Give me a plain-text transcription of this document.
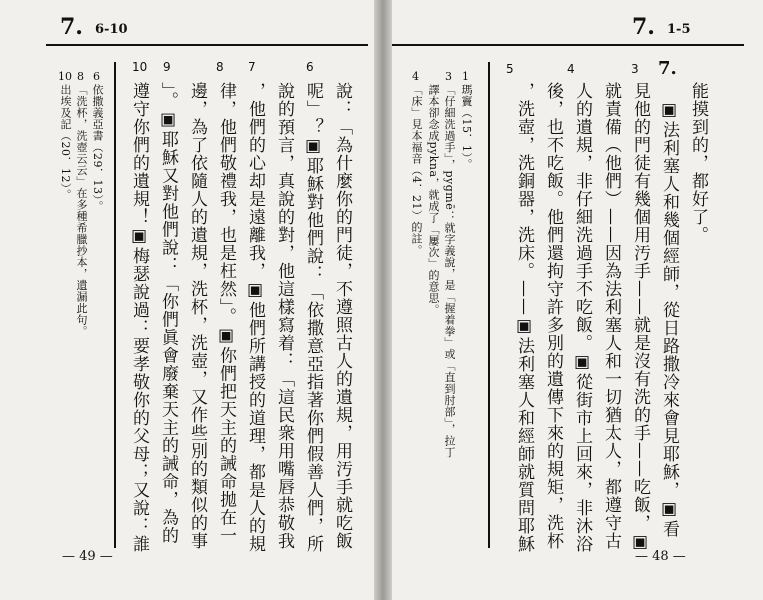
7. 6-10
10 9	8 7	6
說：「為什麼你的門徒，不遵照古人的遺規，用汚手就吃飯
呢」？▣耶穌對他們說：「依撒意亞指著你們假善人們，所
說的預言，真說的對，他這樣寫着：「這民衆用嘴唇恭敬我
，他們的心却是遠離我，▣他們所講授的道理，都是人的規
律，他們敬禮我，也是枉然」。▣你們把天主的誡命拋在一
邊，為了依隨人的遺規，洗杯，洗壺，又作些別的類似的事
」。▣耶穌又對他們說：「你們眞會廢棄天主的誡命，為的
遵守你們的遺規！▣梅瑟說過：要孝敬你的父母；又說：誰
6
依撒義亞書（29．13）。
8
「洗杯，洗壺云云」在多種希臘抄本，遺漏此句。
10
出埃及記（20．12）。
— 49 —
7. 1-5
5	4	3 7.
能摸到的，都好了。
▣法利塞人和幾個經師，從日路撒冷來會見耶穌，▣看
見他的門徒有幾個用汚手——就是沒有洗的手——吃飯，▣
就責備（他們）——因為法利塞人和一切猶太人，都遵守古
人的遺規，非仔細洗過手不吃飯。▣從街市上回來，非沐浴
後，也不吃飯。他們還拘守許多別的遺傳下來的規矩，洗杯
，洗壺，洗銅器，洗床。——▣法利塞人和經師就質問耶穌
1
瑪竇（15．1）。
3
「仔細洗過手」，pygmē：就字義說，是「握着拳」或「直到肘部」，拉丁
譯本卻念成pykna，就成了「屢次」的意思。
4
「床」見本福音（4．21）的註。
— 48 —
